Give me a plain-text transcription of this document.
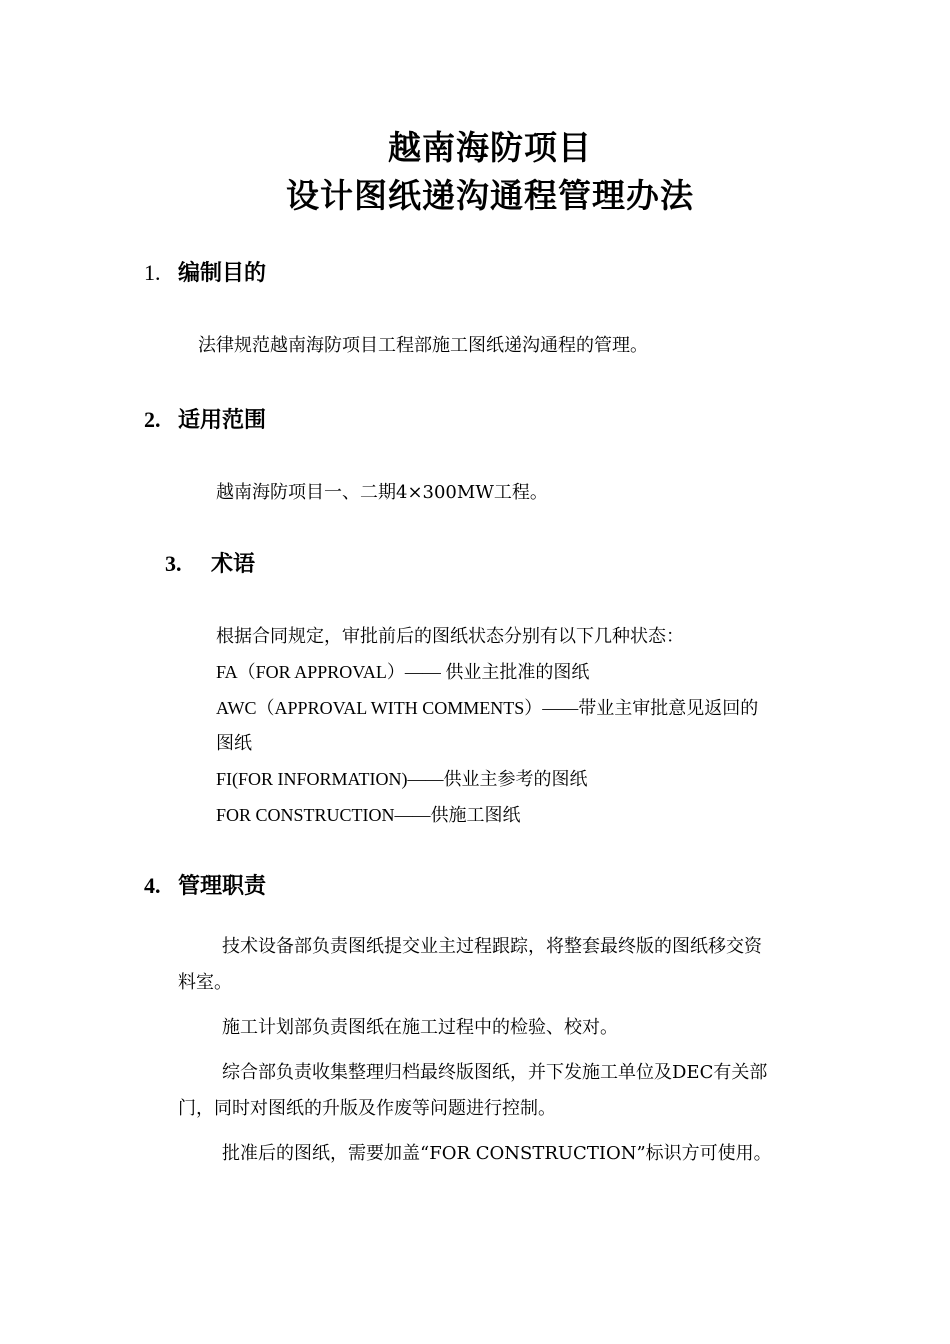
越南海防项目
设计图纸递沟通程管理办法
1. 编制目的
法律规范越南海防项目工程部施工图纸递沟通程的管理。
2. 适用范围
越南海防项目一、二期4×300MW工程。
3. 术语
根据合同规定，审批前后的图纸状态分别有以下几种状态：
FA（FOR APPROVAL）—— 供业主批准的图纸
AWC（APPROVAL WITH COMMENTS）——带业主审批意见返回的
图纸
FI(FOR INFORMATION)——供业主参考的图纸
FOR CONSTRUCTION——供施工图纸
4. 管理职责
技术设备部负责图纸提交业主过程跟踪，将整套最终版的图纸移交资
料室。
施工计划部负责图纸在施工过程中的检验、校对。
综合部负责收集整理归档最终版图纸，并下发施工单位及DEC有关部
门，同时对图纸的升版及作废等问题进行控制。
批准后的图纸，需要加盖“FOR CONSTRUCTION”标识方可使用。
